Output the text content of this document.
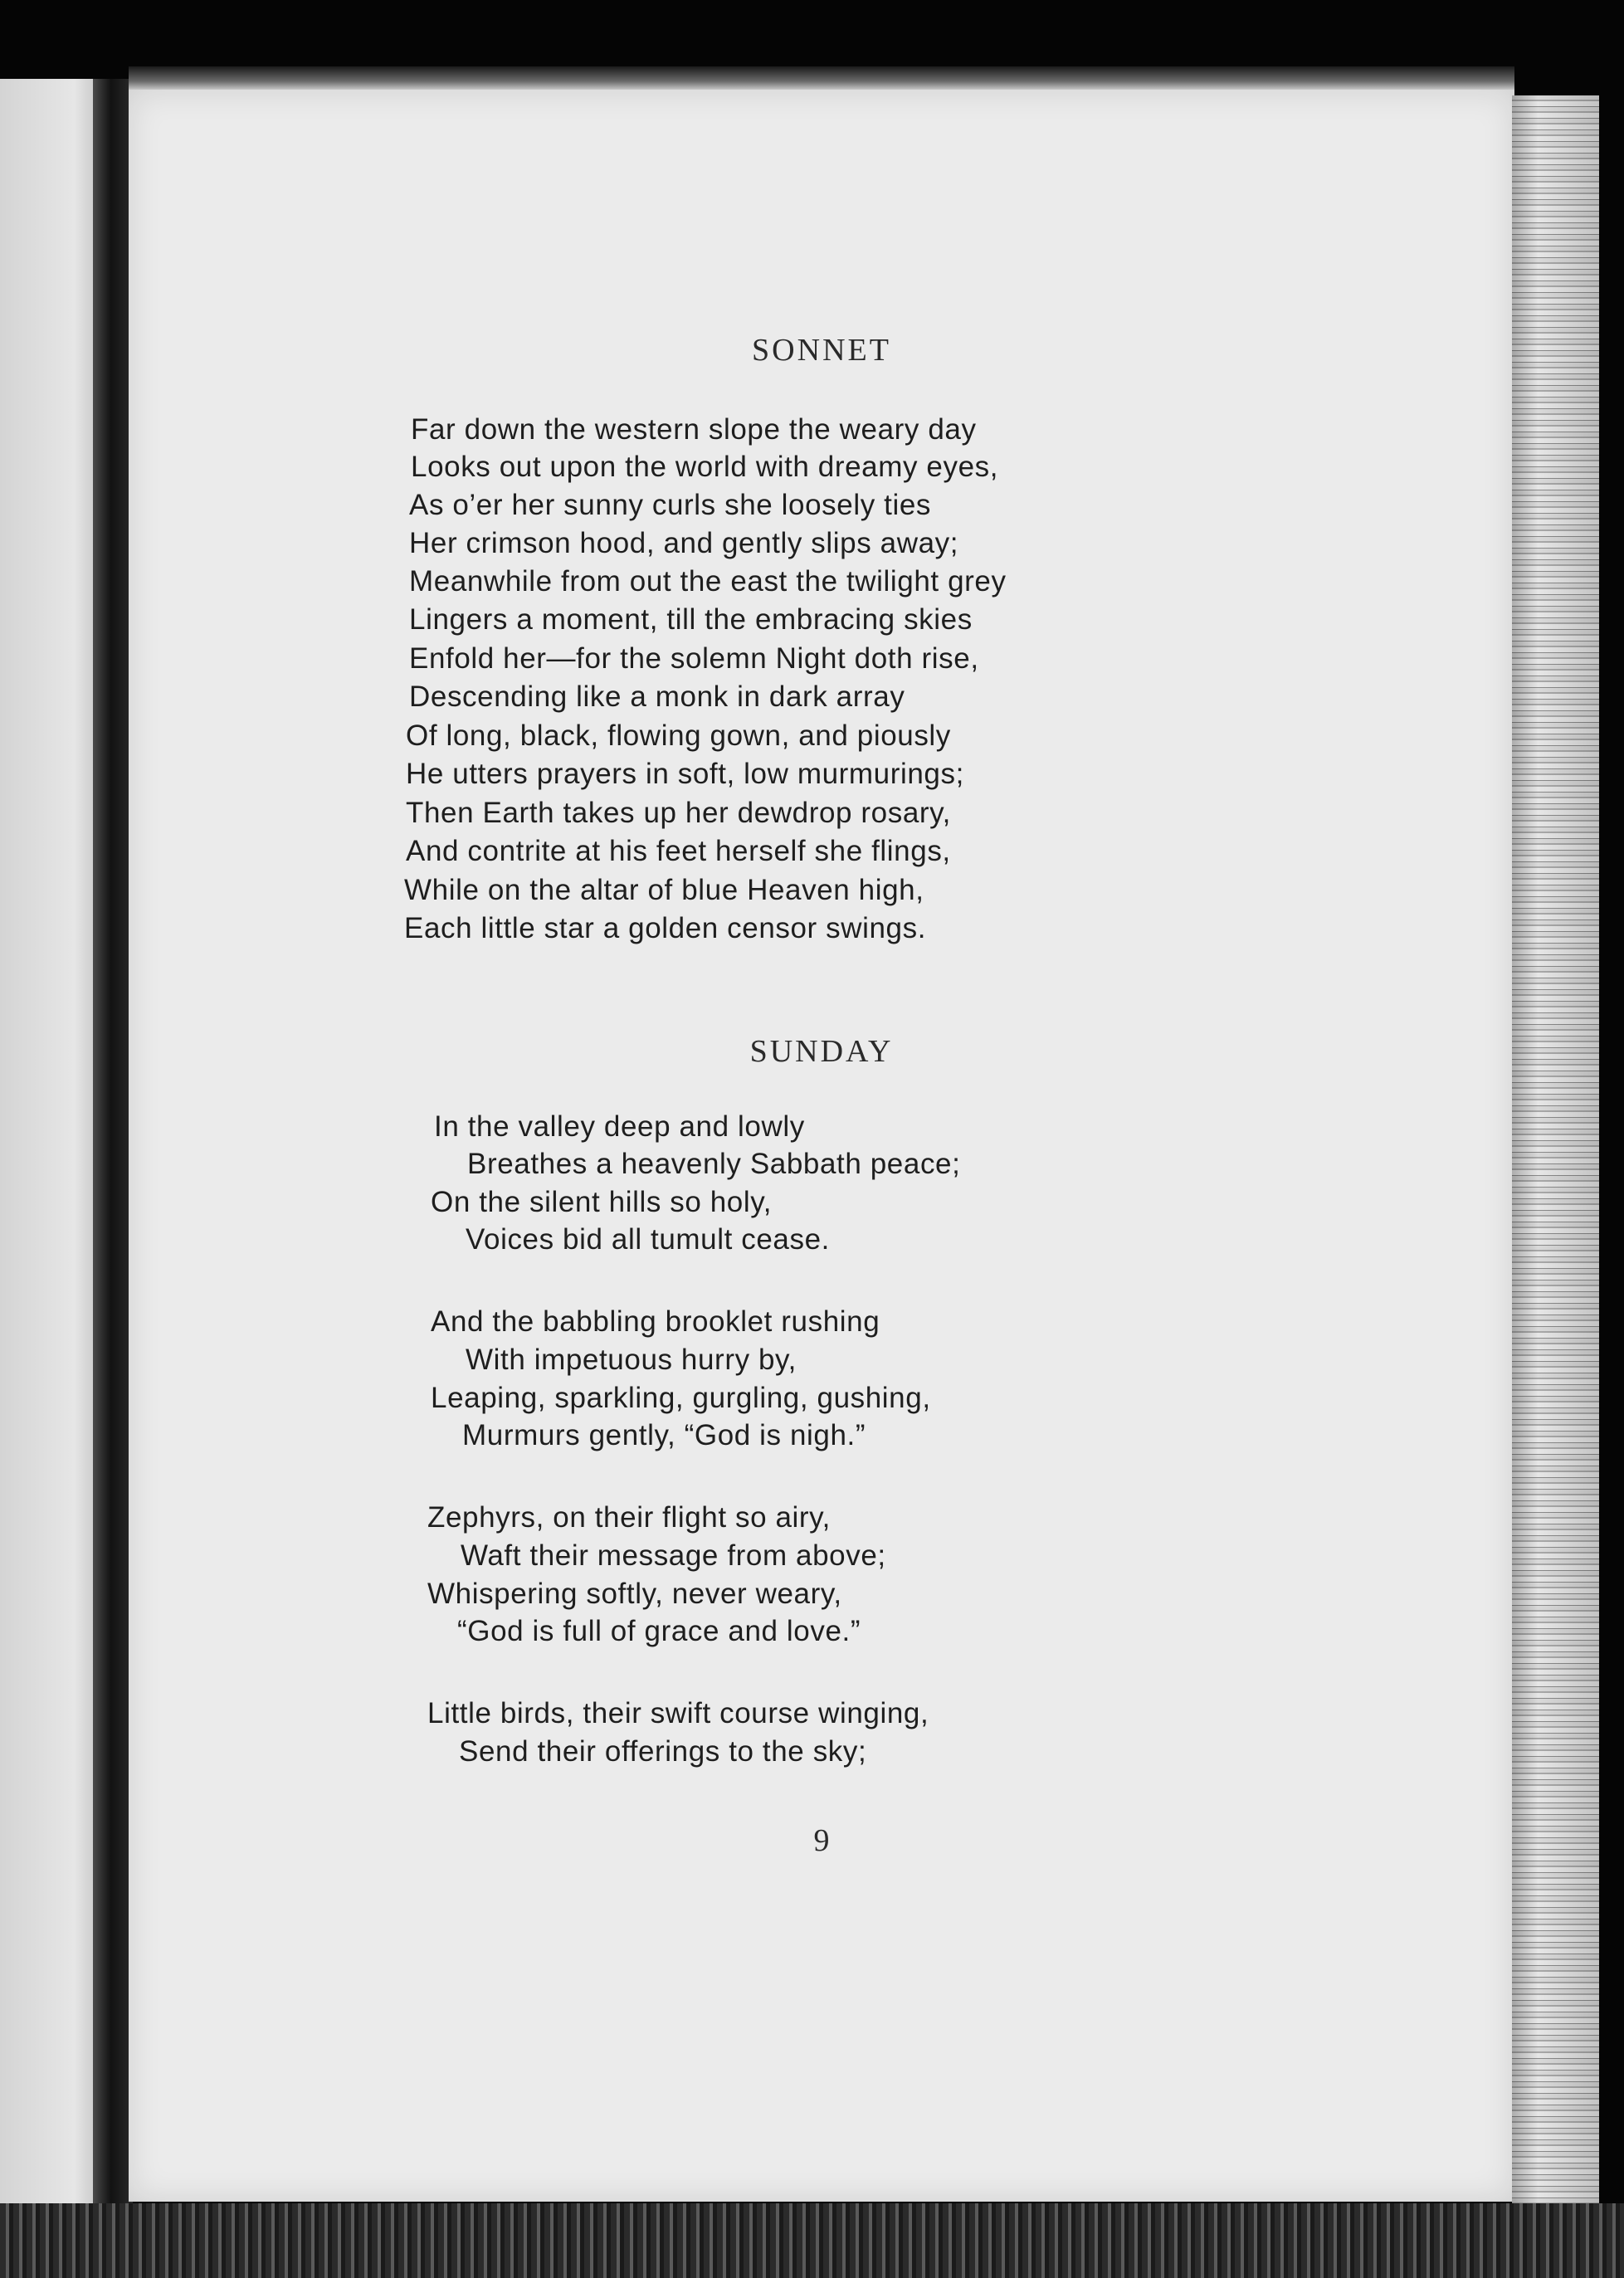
SONNET
Far down the western slope the weary day
Looks out upon the world with dreamy eyes,
As o’er her sunny curls she loosely ties
Her crimson hood, and gently slips away;
Meanwhile from out the east the twilight grey
Lingers a moment, till the embracing skies
Enfold her—for the solemn Night doth rise,
Descending like a monk in dark array
Of long, black, flowing gown, and piously
He utters prayers in soft, low murmurings;
Then Earth takes up her dewdrop rosary,
And contrite at his feet herself she flings,
While on the altar of blue Heaven high,
Each little star a golden censor swings.
SUNDAY
In the valley deep and lowly
Breathes a heavenly Sabbath peace;
On the silent hills so holy,
Voices bid all tumult cease.
And the babbling brooklet rushing
With impetuous hurry by,
Leaping, sparkling, gurgling, gushing,
Murmurs gently, “God is nigh.”
Zephyrs, on their flight so airy,
Waft their message from above;
Whispering softly, never weary,
“God is full of grace and love.”
Little birds, their swift course winging,
Send their offerings to the sky;
9
